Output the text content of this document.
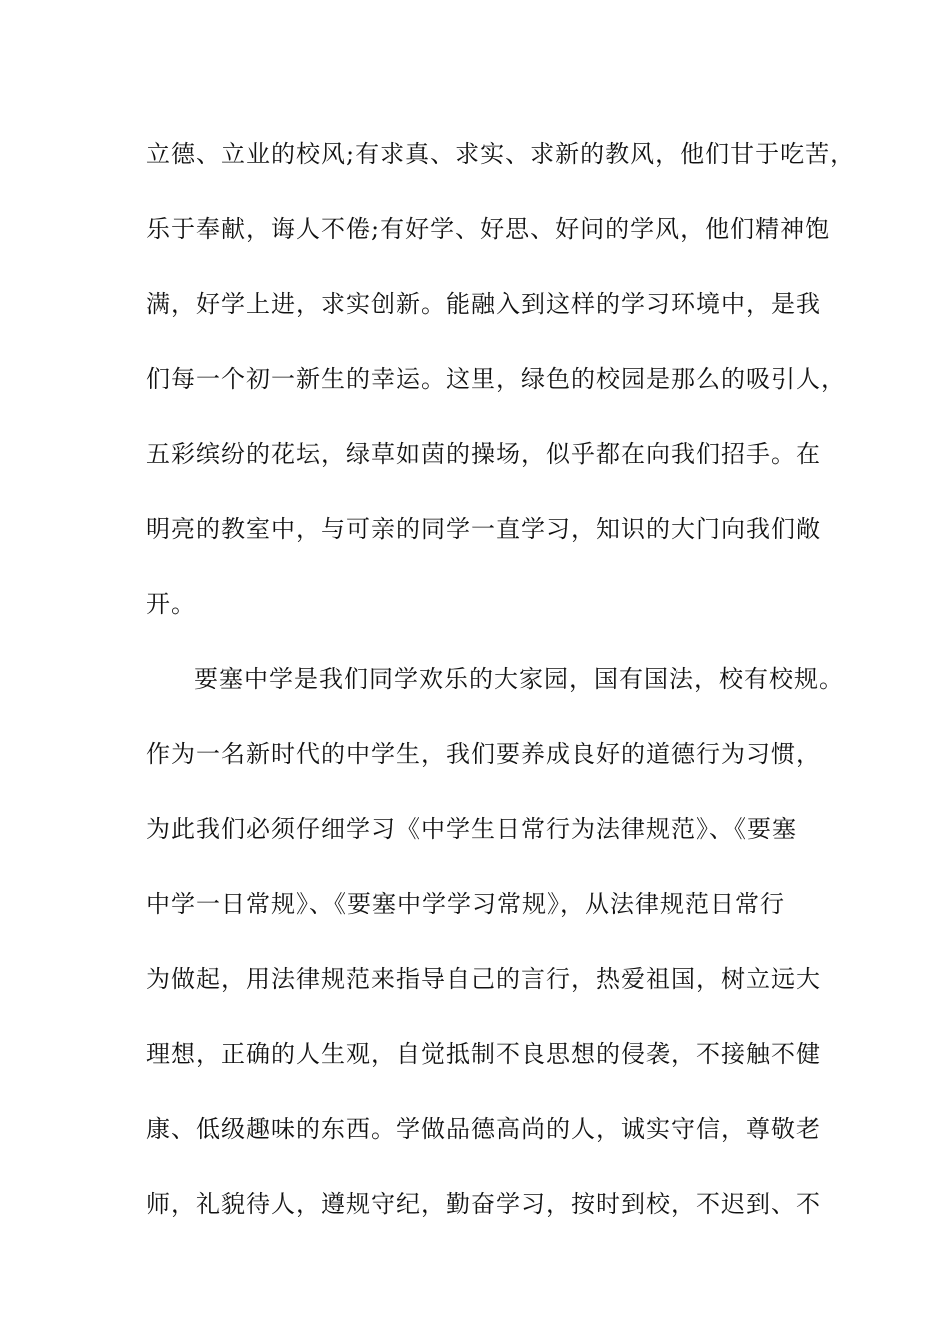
立德、立业的校风;有求真、求实、求新的教风，他们甘于吃苦，
乐于奉献，诲人不倦;有好学、好思、好问的学风，他们精神饱
满，好学上进，求实创新。能融入到这样的学习环境中，是我
们每一个初一新生的幸运。这里，绿色的校园是那么的吸引人，
五彩缤纷的花坛，绿草如茵的操场，似乎都在向我们招手。在
明亮的教室中，与可亲的同学一直学习，知识的大门向我们敞
开。
要塞中学是我们同学欢乐的大家园，国有国法，校有校规。
作为一名新时代的中学生，我们要养成良好的道德行为习惯，
为此我们必须仔细学习《中学生日常行为法律规范》、《要塞
中学一日常规》、《要塞中学学习常规》，从法律规范日常行
为做起，用法律规范来指导自己的言行，热爱祖国，树立远大
理想，正确的人生观，自觉抵制不良思想的侵袭，不接触不健
康、低级趣味的东西。学做品德高尚的人，诚实守信，尊敬老
师，礼貌待人，遵规守纪，勤奋学习，按时到校，不迟到、不
